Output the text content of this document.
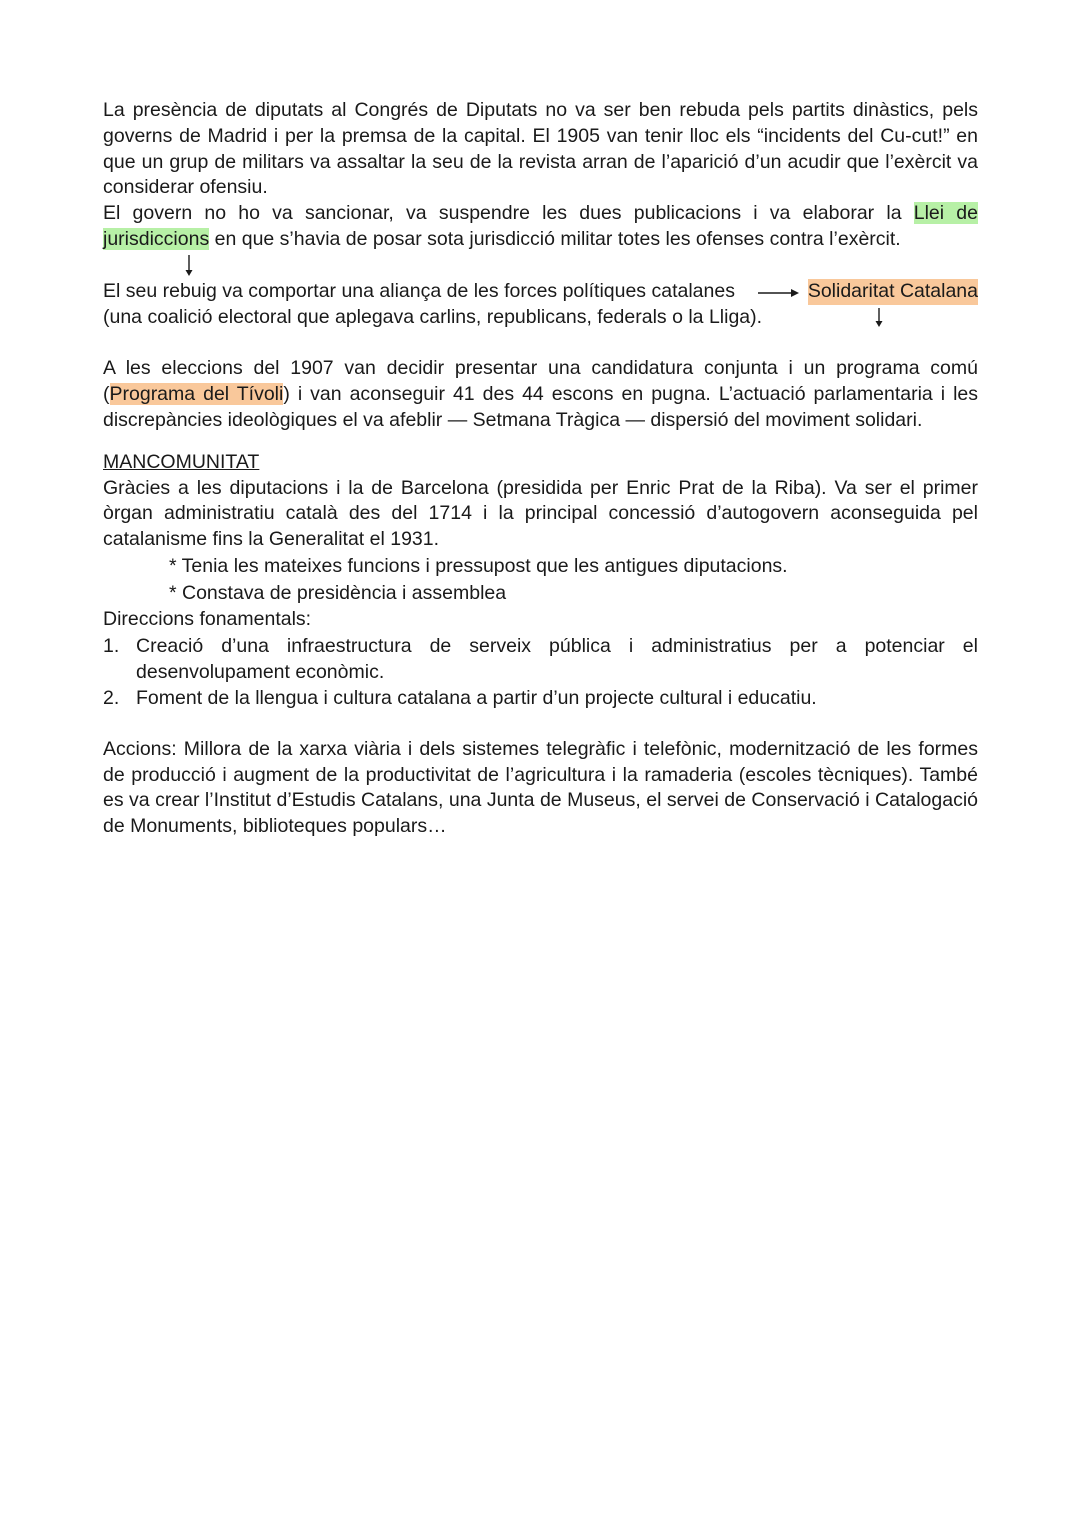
La presència de diputats al Congrés de Diputats no va ser ben rebuda pels partits dinàstics, pels governs de Madrid i per la premsa de la capital. El 1905 van tenir lloc els “incidents del Cu-cut!” en que un grup de militars va assaltar la seu de la revista arran de l’aparició d’un acudir que l’exèrcit va considerar ofensiu.

El govern no ho va sancionar, va suspendre les dues publicacions i va elaborar la Llei de jurisdiccions en que s’havia de posar sota jurisdicció militar totes les ofenses contra l’exèrcit.

El seu rebuig va comportar una aliança de les forces polítiques catalanes	Solidaritat Catalana

(una coalició electoral que aplegava carlins, republicans, federals o la Lliga).

A les eleccions del 1907 van decidir presentar una candidatura conjunta i un programa comú (Programa del Tívoli) i van aconseguir 41 des 44 escons en pugna. L’actuació parlamentaria i les discrepàncies ideològiques el va afeblir — Setmana Tràgica — dispersió del moviment solidari.

MANCOMUNITAT

Gràcies a les diputacions i la de Barcelona (presidida per Enric Prat de la Riba). Va ser el primer òrgan administratiu català des del 1714 i la principal concessió d’autogovern aconseguida pel catalanisme fins la Generalitat el 1931.

* Tenia les mateixes funcions i pressupost que les antigues diputacions.

* Constava de presidència i assemblea

Direccions fonamentals:

1. Creació d’una infraestructura de serveix pública i administratius per a potenciar el desenvolupament econòmic.
2. Foment de la llengua i cultura catalana a partir d’un projecte cultural i educatiu.

Accions: Millora de la xarxa viària i dels sistemes telegràfic i telefònic, modernització de les formes de producció i augment de la productivitat de l’agricultura i la ramaderia (escoles tècniques). També es va crear l’Institut d’Estudis Catalans, una Junta de Museus, el servei de Conservació i Catalogació de Monuments, biblioteques populars…
